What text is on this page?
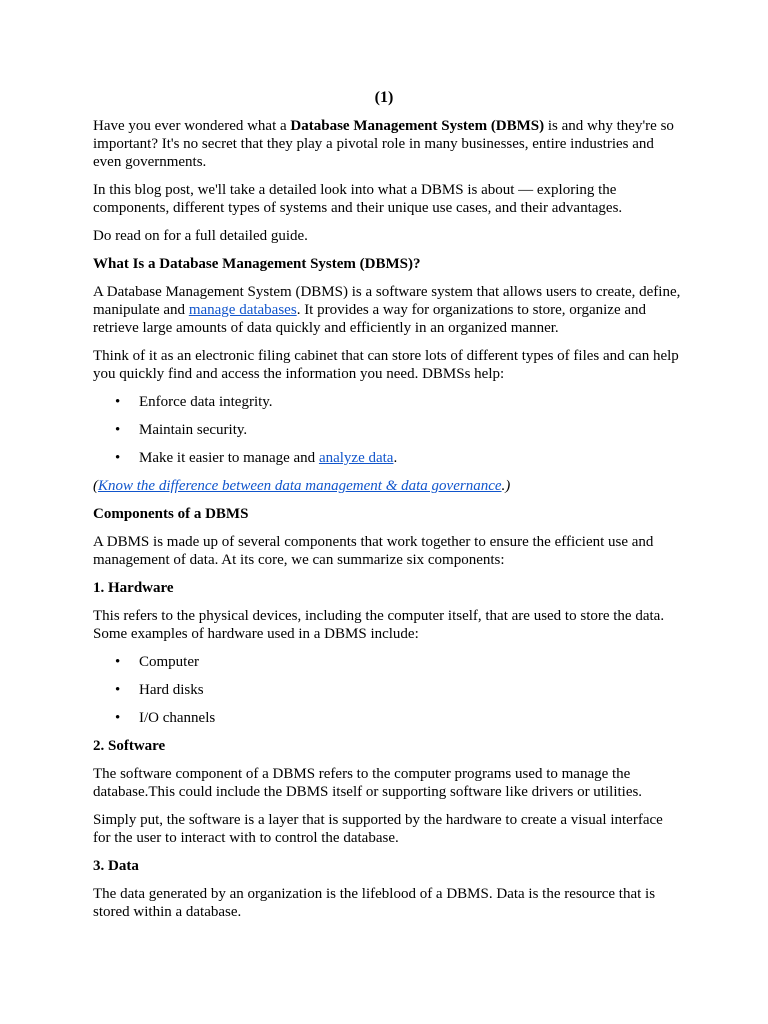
(1)

Have you ever wondered what a Database Management System (DBMS) is and why they're so important? It's no secret that they play a pivotal role in many businesses, entire industries and even governments.

In this blog post, we'll take a detailed look into what a DBMS is about — exploring the components, different types of systems and their unique use cases, and their advantages.

Do read on for a full detailed guide.

What Is a Database Management System (DBMS)?

A Database Management System (DBMS) is a software system that allows users to create, define, manipulate and manage databases. It provides a way for organizations to store, organize and retrieve large amounts of data quickly and efficiently in an organized manner.

Think of it as an electronic filing cabinet that can store lots of different types of files and can help you quickly find and access the information you need. DBMSs help:

• Enforce data integrity.
• Maintain security.
• Make it easier to manage and analyze data.

(Know the difference between data management & data governance.)

Components of a DBMS

A DBMS is made up of several components that work together to ensure the efficient use and management of data. At its core, we can summarize six components:

1. Hardware

This refers to the physical devices, including the computer itself, that are used to store the data. Some examples of hardware used in a DBMS include:

• Computer
• Hard disks
• I/O channels
2. Software

The software component of a DBMS refers to the computer programs used to manage the database.This could include the DBMS itself or supporting software like drivers or utilities.

Simply put, the software is a layer that is supported by the hardware to create a visual interface for the user to interact with to control the database.

3. Data

The data generated by an organization is the lifeblood of a DBMS. Data is the resource that is stored within a database.
